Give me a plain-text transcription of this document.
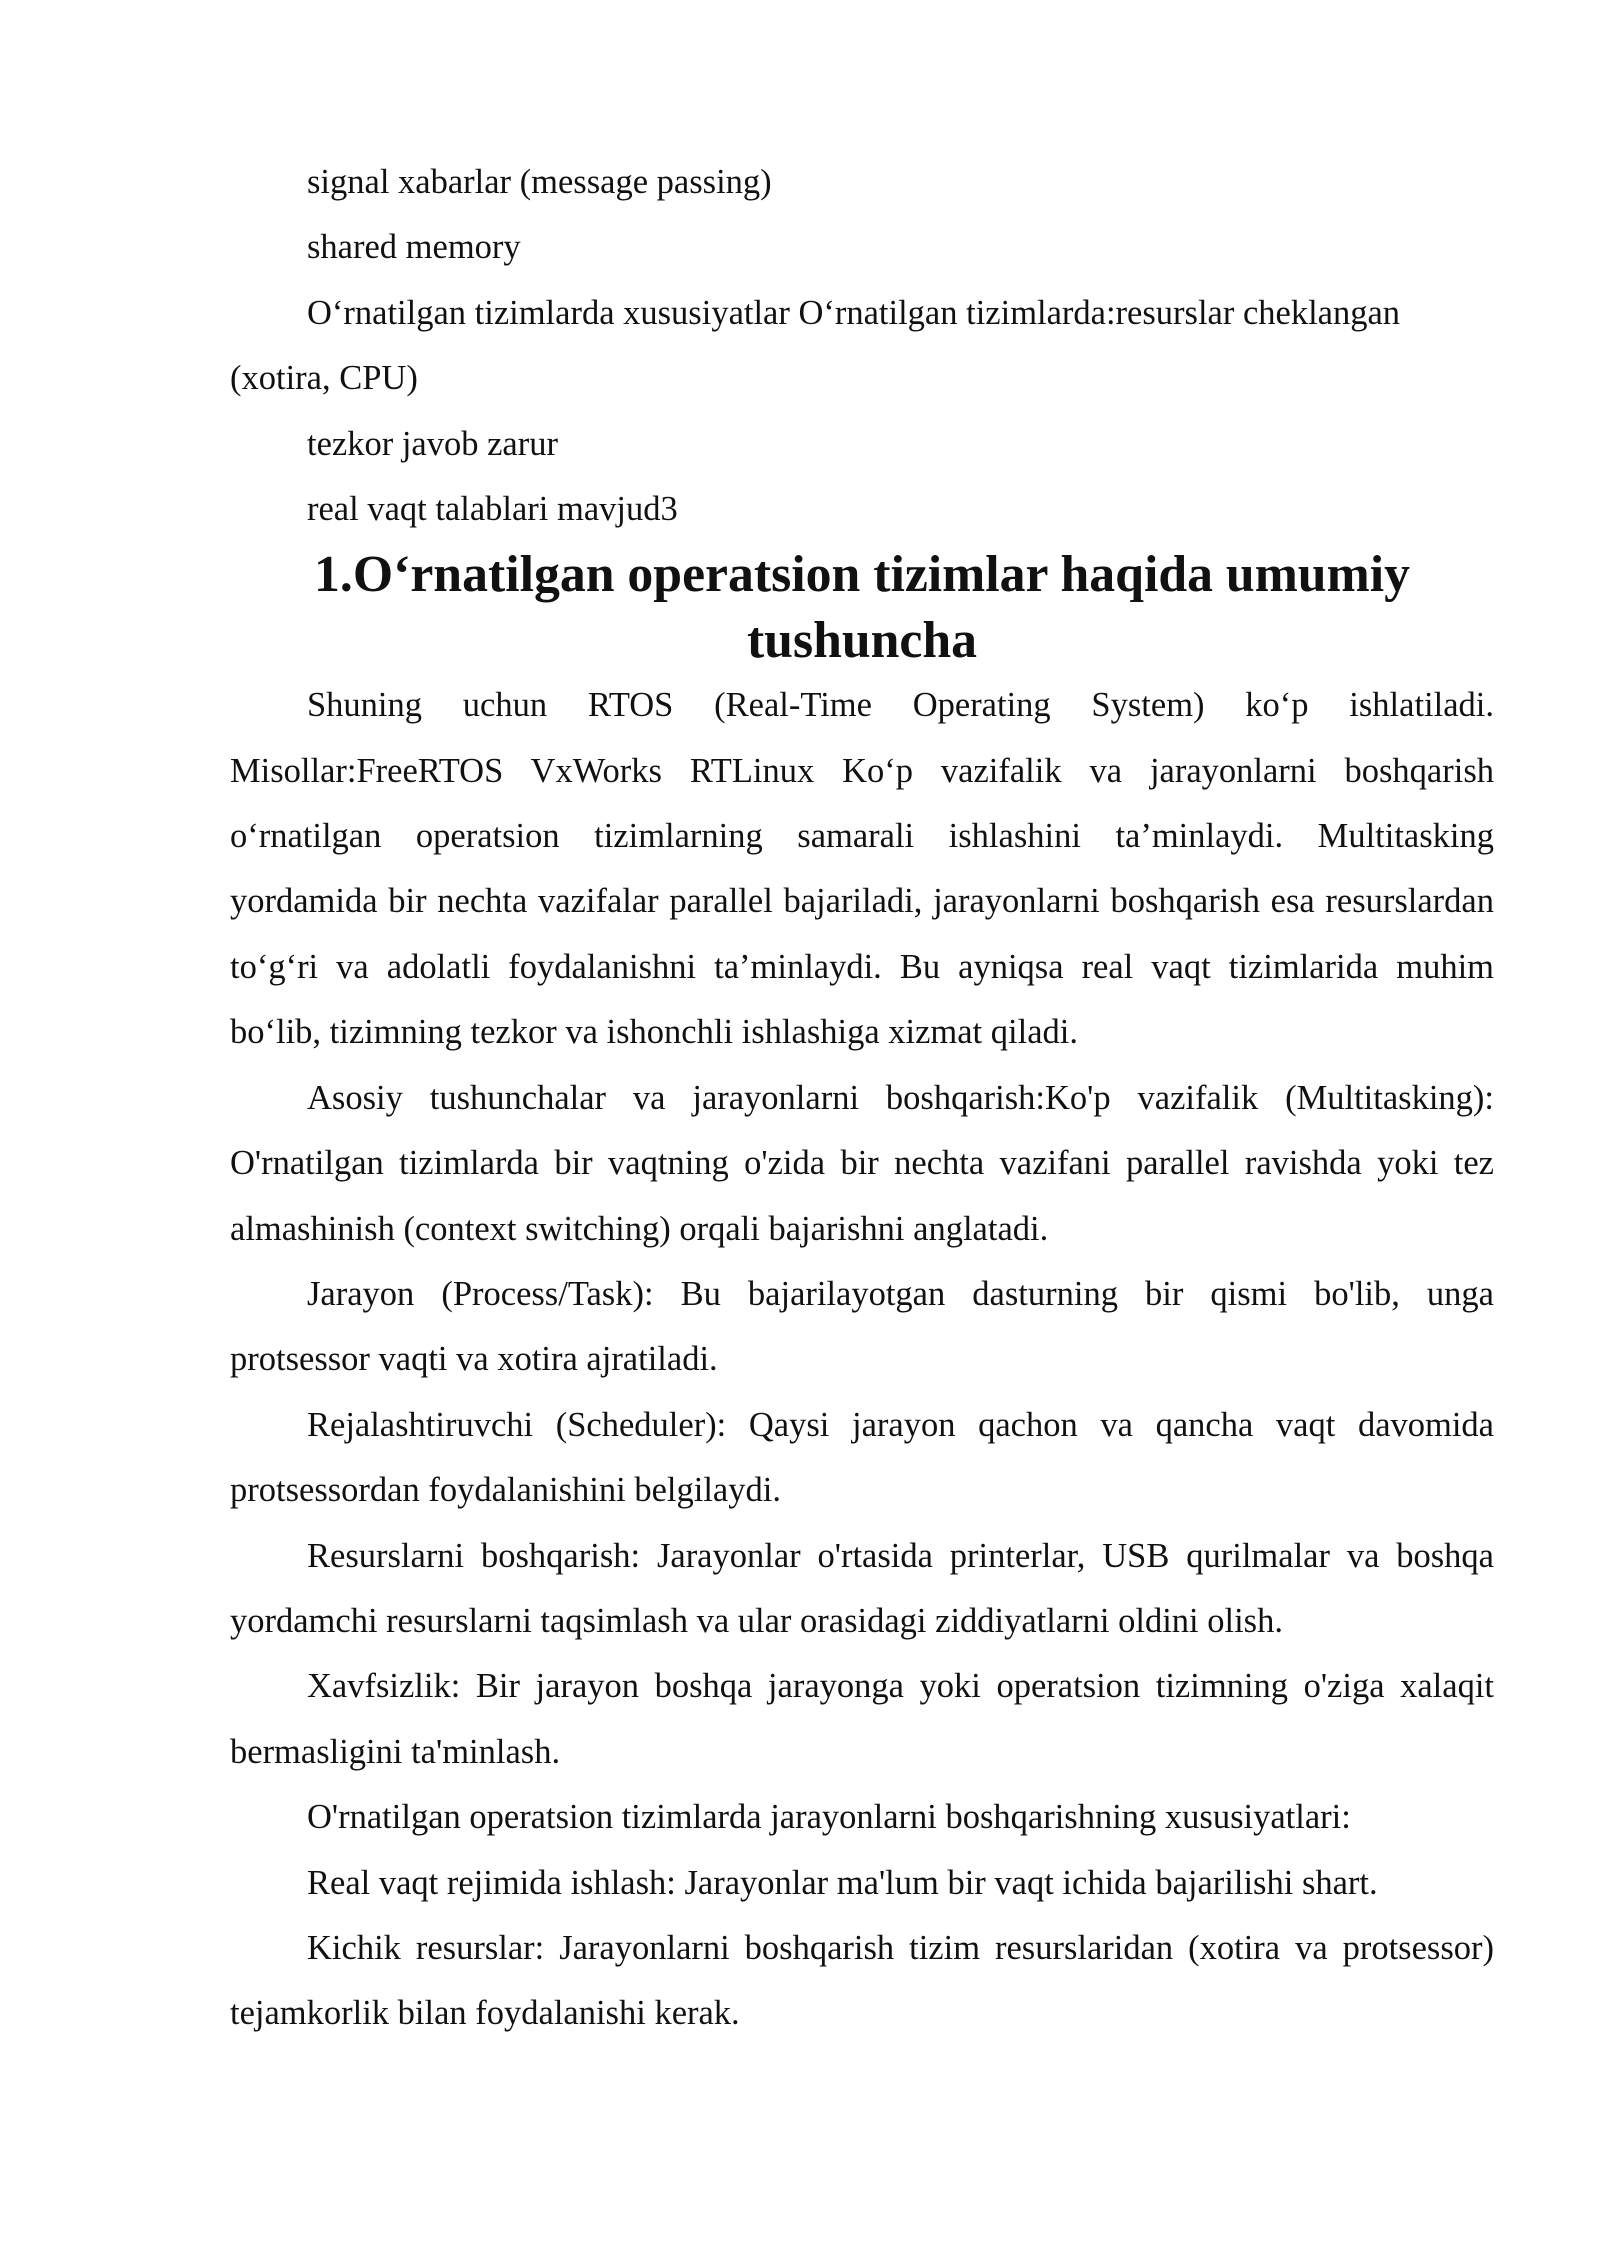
signal xabarlar (message passing)

shared memory

O‘rnatilgan tizimlarda xususiyatlar O‘rnatilgan tizimlarda:resurslar cheklangan (xotira, CPU)

tezkor javob zarur

real vaqt talablari mavjud3

1.O‘rnatilgan operatsion tizimlar haqida umumiy tushuncha

Shuning uchun RTOS (Real-Time Operating System) ko‘p ishlatiladi. Misollar:FreeRTOS VxWorks RTLinux Ko‘p vazifalik va jarayonlarni boshqarish o‘rnatilgan operatsion tizimlarning samarali ishlashini ta’minlaydi. Multitasking yordamida bir nechta vazifalar parallel bajariladi, jarayonlarni boshqarish esa resurslardan to‘g‘ri va adolatli foydalanishni ta’minlaydi. Bu ayniqsa real vaqt tizimlarida muhim bo‘lib, tizimning tezkor va ishonchli ishlashiga xizmat qiladi.

Asosiy tushunchalar va jarayonlarni boshqarish:Ko'p vazifalik (Multitasking): O'rnatilgan tizimlarda bir vaqtning o'zida bir nechta vazifani parallel ravishda yoki tez almashinish (context switching) orqali bajarishni anglatadi.

Jarayon (Process/Task): Bu bajarilayotgan dasturning bir qismi bo'lib, unga protsessor vaqti va xotira ajratiladi.

Rejalashtiruvchi (Scheduler): Qaysi jarayon qachon va qancha vaqt davomida protsessordan foydalanishini belgilaydi.

Resurslarni boshqarish: Jarayonlar o'rtasida printerlar, USB qurilmalar va boshqa yordamchi resurslarni taqsimlash va ular orasidagi ziddiyatlarni oldini olish.

Xavfsizlik: Bir jarayon boshqa jarayonga yoki operatsion tizimning o'ziga xalaqit bermasligini ta'minlash.

O'rnatilgan operatsion tizimlarda jarayonlarni boshqarishning xususiyatlari:

Real vaqt rejimida ishlash: Jarayonlar ma'lum bir vaqt ichida bajarilishi shart.

Kichik resurslar: Jarayonlarni boshqarish tizim resurslaridan (xotira va protsessor) tejamkorlik bilan foydalanishi kerak.
